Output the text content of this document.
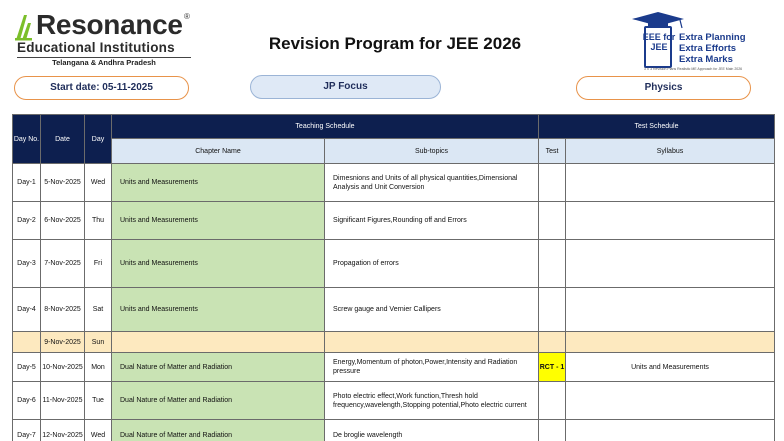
Resonance ®
Educational Institutions
Telangana & Andhra Pradesh
Revision Program for JEE 2026	EEE for JEE
Extra Planning
Extra Efforts
Extra Marks
3 X 3 Revision Plans Realistic ME Approach for JEE Main 2026
Start date: 05-11-2025	JP Focus	Physics
Day No.	Date	Day	Teaching Schedule		Test Schedule	
			Chapter Name	Sub-topics	Test	Syllabus
Day-1	5-Nov-2025	Wed	Units and Measurements	Dimesnions and Units of all physical quantities,Dimensional Analysis and Unit Conversion		
Day-2	6-Nov-2025	Thu	Units and Measurements	Significant Figures,Rounding off and Errors		
Day-3	7-Nov-2025	Fri	Units and Measurements	Propagation of errors		
Day-4	8-Nov-2025	Sat	Units and Measurements	Screw gauge and Vernier Callipers		
	9-Nov-2025	Sun				
Day-5	10-Nov-2025	Mon	Dual Nature of Matter and Radiation	Energy,Momentum of photon,Power,Intensity and Radiation pressure	RCT - 1	Units and Measurements
Day-6	11-Nov-2025	Tue	Dual Nature of Matter and Radiation	Photo electric effect,Work function,Thresh hold frequency,wavelength,Stopping potential,Photo electric current		
Day-7	12-Nov-2025	Wed	Dual Nature of Matter and Radiation	De broglie wavelength		
